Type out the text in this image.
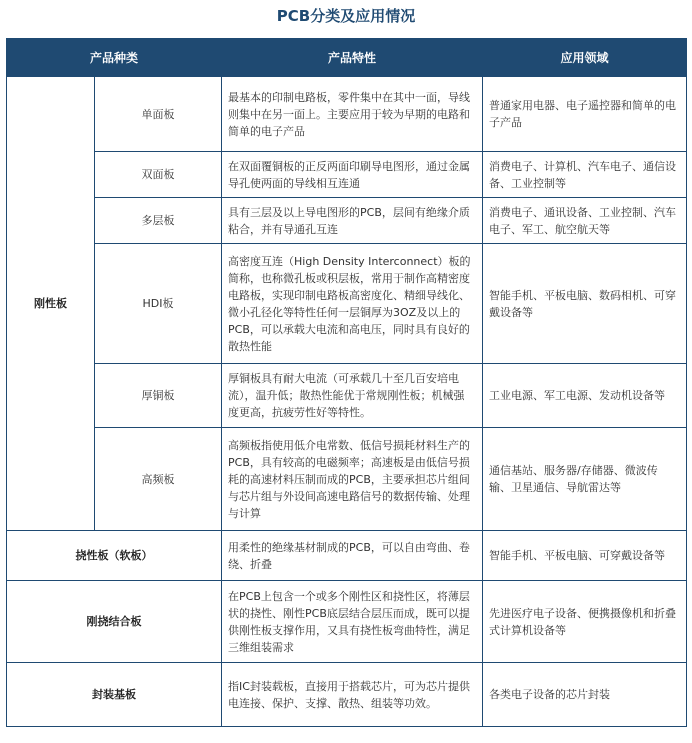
PCB分类及应用情况
产品种类		产品特性	应用领域
刚性板	单面板	最基本的印制电路板，零件集中在其中一面，导线则集中在另一面上。主要应用于较为早期的电路和简单的电子产品	普通家用电器、电子遥控器和简单的电子产品
	双面板	在双面覆铜板的正反两面印刷导电图形，通过金属导孔使两面的导线相互连通	消费电子、计算机、汽车电子、通信设备、工业控制等
	多层板	具有三层及以上导电图形的PCB，层间有绝缘介质粘合，并有导通孔互连	消费电子、通讯设备、工业控制、汽车电子、军工、航空航天等
	HDI板	高密度互连（High Density Interconnect）板的简称，也称微孔板或积层板，常用于制作高精密度电路板，实现印制电路板高密度化、精细导线化、微小孔径化等特性任何一层铜厚为3OZ及以上的PCB，可以承载大电流和高电压，同时具有良好的散热性能	智能手机、平板电脑、数码相机、可穿戴设备等
	厚铜板	厚铜板具有耐大电流（可承载几十至几百安培电流），温升低；散热性能优于常规刚性板；机械强度更高，抗疲劳性好等特性。	工业电源、军工电源、发动机设备等
	高频板	高频板指使用低介电常数、低信号损耗材料生产的PCB，具有较高的电磁频率；高速板是由低信号损耗的高速材料压制而成的PCB，主要承担芯片组间与芯片组与外设间高速电路信号的数据传输、处理与计算	通信基站、服务器/存储器、微波传输、卫星通信、导航雷达等
挠性板（软板）		用柔性的绝缘基材制成的PCB，可以自由弯曲、卷绕、折叠	智能手机、平板电脑、可穿戴设备等
刚挠结合板		在PCB上包含一个或多个刚性区和挠性区，将薄层状的挠性、刚性PCB底层结合层压而成，既可以提供刚性板支撑作用，又具有挠性板弯曲特性，满足三维组装需求	先进医疗电子设备、便携摄像机和折叠式计算机设备等
封装基板		指IC封装载板，直接用于搭载芯片，可为芯片提供电连接、保护、支撑、散热、组装等功效。	各类电子设备的芯片封装
